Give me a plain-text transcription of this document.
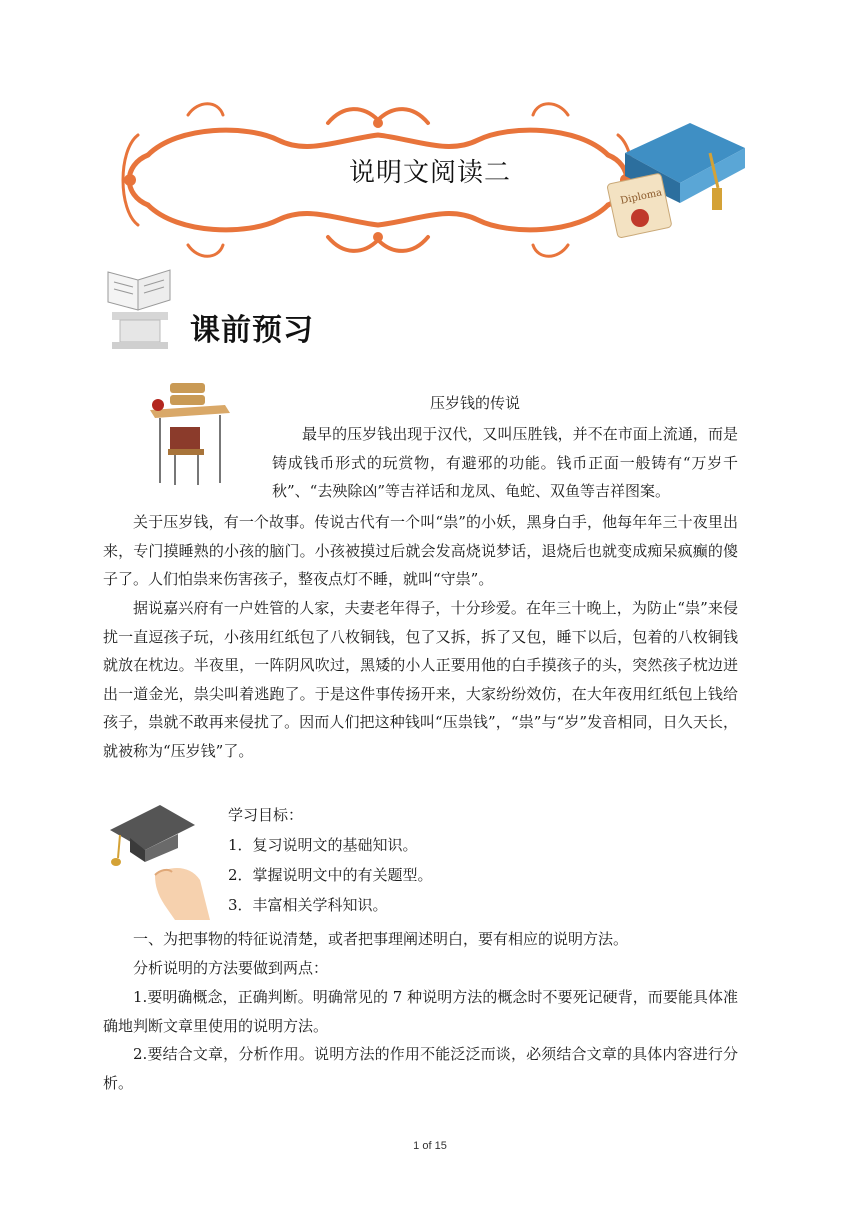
说明文阅读二
Diploma
课前预习
压岁钱的传说

最早的压岁钱出现于汉代，又叫压胜钱，并不在市面上流通，而是铸成钱币形式的玩赏物，有避邪的功能。钱币正面一般铸有“万岁千秋”、“去殃除凶”等吉祥话和龙凤、龟蛇、双鱼等吉祥图案。

关于压岁钱，有一个故事。传说古代有一个叫“祟”的小妖，黑身白手，他每年年三十夜里出来，专门摸睡熟的小孩的脑门。小孩被摸过后就会发高烧说梦话，退烧后也就变成痴呆疯癫的傻子了。人们怕祟来伤害孩子，整夜点灯不睡，就叫“守祟”。

据说嘉兴府有一户姓管的人家，夫妻老年得子，十分珍爱。在年三十晚上，为防止“祟”来侵扰一直逗孩子玩，小孩用红纸包了八枚铜钱，包了又拆，拆了又包，睡下以后，包着的八枚铜钱就放在枕边。半夜里，一阵阴风吹过，黑矮的小人正要用他的白手摸孩子的头，突然孩子枕边迸出一道金光，祟尖叫着逃跑了。于是这件事传扬开来，大家纷纷效仿，在大年夜用红纸包上钱给孩子，祟就不敢再来侵扰了。因而人们把这种钱叫“压祟钱”，“祟”与“岁”发音相同，日久天长，就被称为“压岁钱”了。

学习目标：
1．复习说明文的基础知识。
2．掌握说明文中的有关题型。
3．丰富相关学科知识。

一、为把事物的特征说清楚，或者把事理阐述明白，要有相应的说明方法。

分析说明的方法要做到两点：

1.要明确概念，正确判断。明确常见的 7 种说明方法的概念时不要死记硬背，而要能具体准确地判断文章里使用的说明方法。

2.要结合文章，分析作用。说明方法的作用不能泛泛而谈，必须结合文章的具体内容进行分析。

1 of 15
